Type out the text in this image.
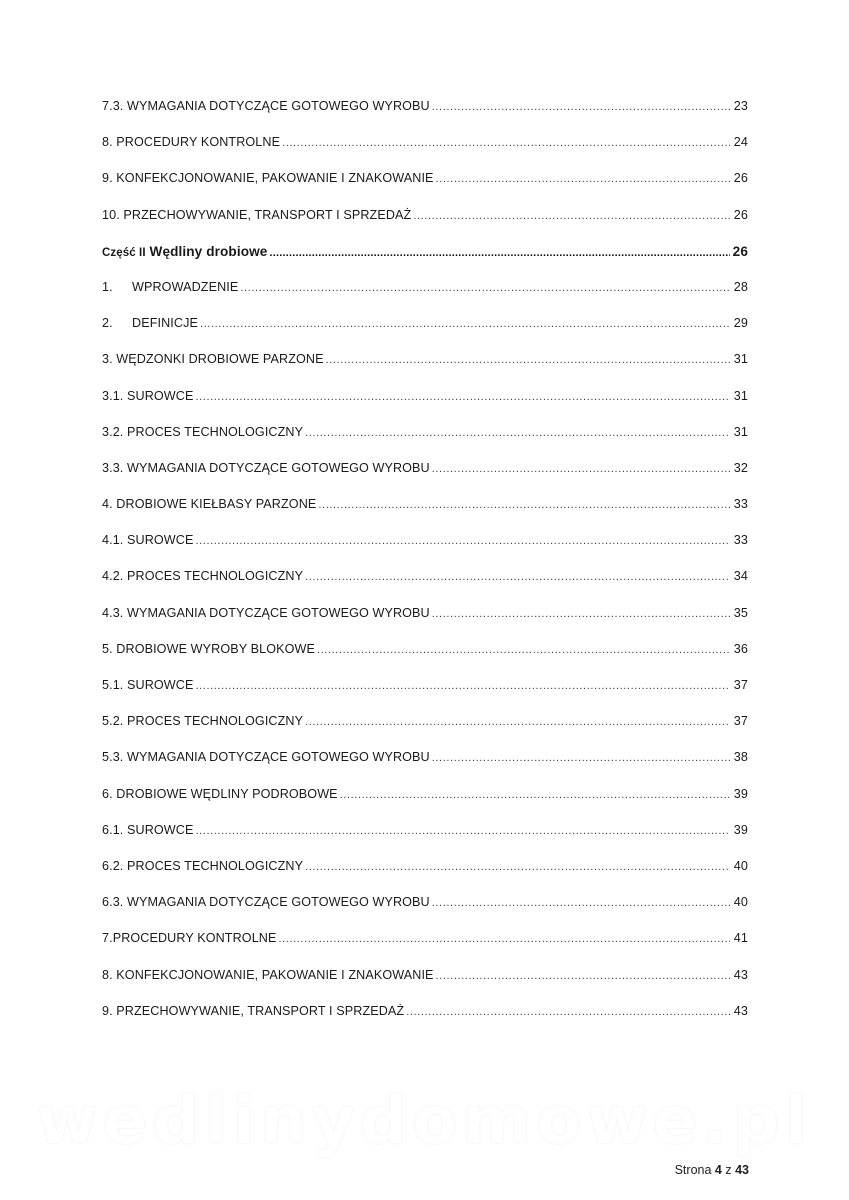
7.3. WYMAGANIA DOTYCZĄCE GOTOWEGO WYROBU .....	23
8. PROCEDURY KONTROLNE .....	24
9. KONFEKCJONOWANIE, PAKOWANIE I ZNAKOWANIE .....	26
10. PRZECHOWYWANIE, TRANSPORT I SPRZEDAŻ .....	26
Część II Wędliny drobiowe .....	26
1. WPROWADZENIE .....	28
2. DEFINICJE .....	29
3. WĘDZONKI DROBIOWE PARZONE .....	31
3.1. SUROWCE .....	31
3.2. PROCES TECHNOLOGICZNY .....	31
3.3. WYMAGANIA DOTYCZĄCE GOTOWEGO WYROBU .....	32
4. DROBIOWE KIEŁBASY PARZONE .....	33
4.1. SUROWCE .....	33
4.2. PROCES TECHNOLOGICZNY .....	34
4.3. WYMAGANIA DOTYCZĄCE GOTOWEGO WYROBU .....	35
5. DROBIOWE WYROBY BLOKOWE .....	36
5.1. SUROWCE .....	37
5.2. PROCES TECHNOLOGICZNY .....	37
5.3. WYMAGANIA DOTYCZĄCE GOTOWEGO WYROBU .....	38
6. DROBIOWE WĘDLINY PODROBOWE .....	39
6.1. SUROWCE .....	39
6.2. PROCES TECHNOLOGICZNY .....	40
6.3. WYMAGANIA DOTYCZĄCE GOTOWEGO WYROBU .....	40
7.PROCEDURY KONTROLNE .....	41
8. KONFEKCJONOWANIE, PAKOWANIE I ZNAKOWANIE .....	43
9. PRZECHOWYWANIE, TRANSPORT I SPRZEDAŻ .....	43
wedlinydomowe.pl
Strona 4 z 43
